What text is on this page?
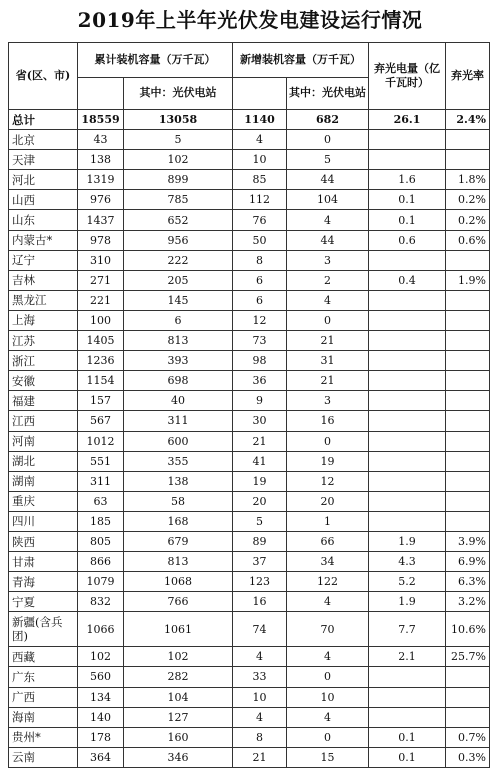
2019年上半年光伏发电建设运行情况
省(区、市)	累计装机容量（万千瓦）		新增装机容量（万千瓦）		弃光电量（亿千瓦时）	弃光率
		其中：光伏电站		其中：光伏电站		
总计	18559	13058	1140	682	26.1	2.4%
北京	43	5	4	0		
天津	138	102	10	5		
河北	1319	899	85	44	1.6	1.8%
山西	976	785	112	104	0.1	0.2%
山东	1437	652	76	4	0.1	0.2%
内蒙古*	978	956	50	44	0.6	0.6%
辽宁	310	222	8	3		
吉林	271	205	6	2	0.4	1.9%
黑龙江	221	145	6	4		
上海	100	6	12	0		
江苏	1405	813	73	21		
浙江	1236	393	98	31		
安徽	1154	698	36	21		
福建	157	40	9	3		
江西	567	311	30	16		
河南	1012	600	21	0		
湖北	551	355	41	19		
湖南	311	138	19	12		
重庆	63	58	20	20		
四川	185	168	5	1		
陕西	805	679	89	66	1.9	3.9%
甘肃	866	813	37	34	4.3	6.9%
青海	1079	1068	123	122	5.2	6.3%
宁夏	832	766	16	4	1.9	3.2%
新疆(含兵团)	1066	1061	74	70	7.7	10.6%
西藏	102	102	4	4	2.1	25.7%
广东	560	282	33	0		
广西	134	104	10	10		
海南	140	127	4	4		
贵州*	178	160	8	0	0.1	0.7%
云南	364	346	21	15	0.1	0.3%
